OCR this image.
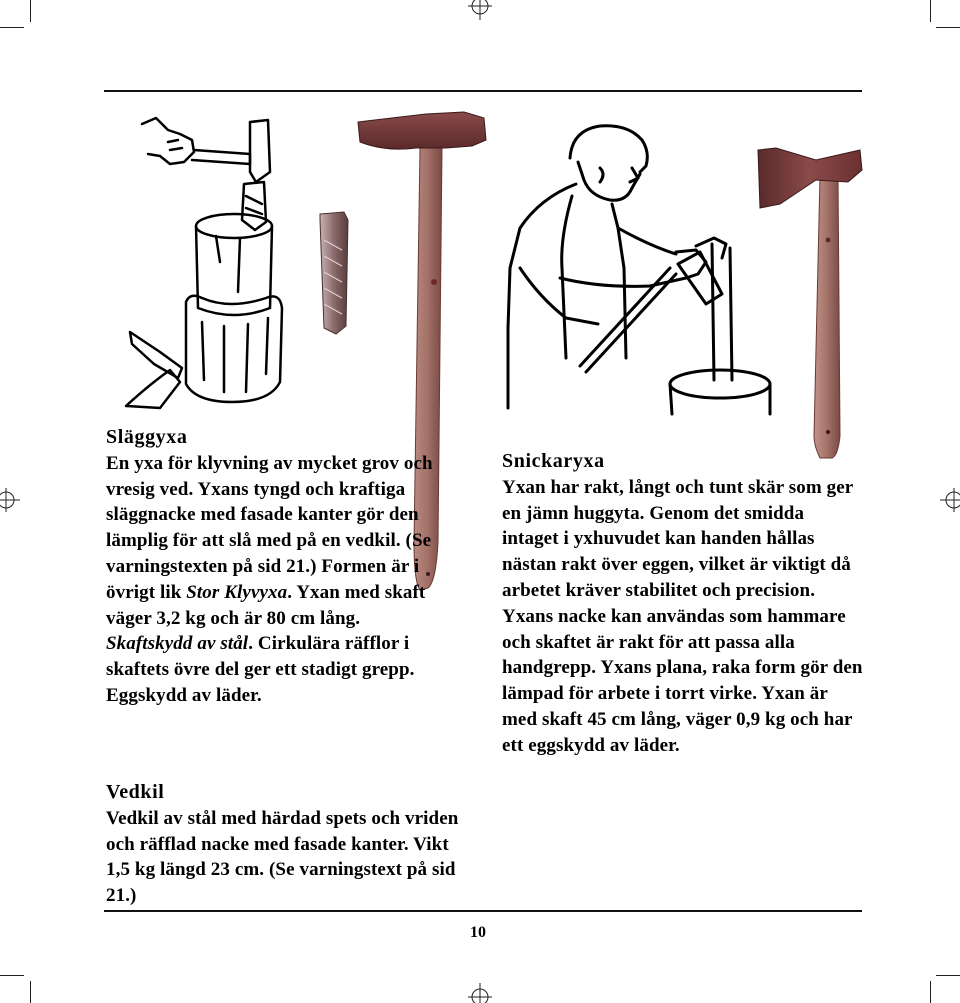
Släggyxa
En yxa för klyvning av mycket grov och vresig ved. Yxans tyngd och kraftiga släggnacke med fasade kanter gör den lämplig för att slå med på en vedkil. (Se varningstexten på sid 21.) Formen är i övrigt lik Stor Klyvyxa. Yxan med skaft väger 3,2 kg och är 80 cm lång. Skaftskydd av stål. Cirkulära räfflor i skaftets övre del ger ett stadigt grepp. Eggskydd av läder.
Vedkil
Vedkil av stål med härdad spets och vriden och räfflad nacke med fasade kanter. Vikt 1,5 kg längd 23 cm. (Se varningstext på sid 21.)
Snickaryxa
Yxan har rakt, långt och tunt skär som ger en jämn huggyta. Genom det smidda intaget i yxhuvudet kan handen hållas nästan rakt över eggen, vilket är viktigt då arbetet kräver stabilitet och precision. Yxans nacke kan användas som hammare och skaftet är rakt för att passa alla handgrepp. Yxans plana, raka form gör den lämpad för arbete i torrt virke. Yxan är med skaft 45 cm lång, väger 0,9 kg och har ett eggskydd av läder.
10
